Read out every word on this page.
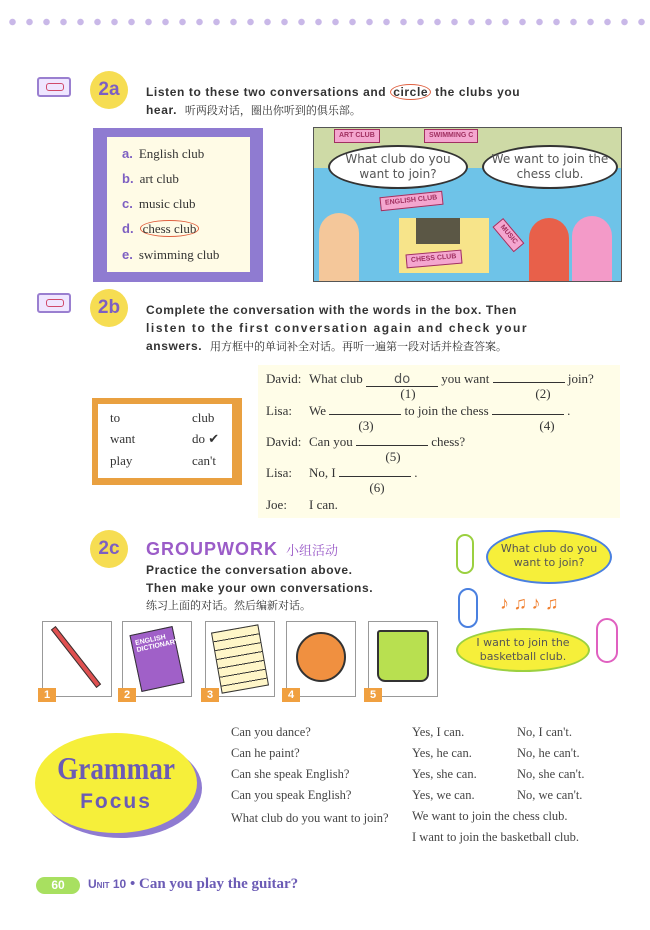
2a	Listen to these two conversations and circle the clubs you
hear. 听两段对话，圈出你听到的俱乐部。
a. English club
b. art club
c. music club
d. chess club
e. swimming club
ART CLUB	SWIMMING C
ENGLISH CLUB
CHESS CLUB
MUSIC
What club do you want to join?
We want to join the chess club.
2b	Complete the conversation with the words in the box. Then
listen to the first conversation again and check your
answers. 用方框中的单词补全对话。再听一遍第一段对话并检查答案。
to	club
want	do ✔
play	can't
David: What club do you want	join?
(1)	(2)
Lisa: We	to join the chess	.
(3)	(4)
David: Can you	chess?
(5)
Lisa: No, I	.
(6)
Joe: I can.
2c	GROUPWORK 小组活动
Practice the conversation above.
Then make your own conversations.
练习上面的对话。然后编新对话。	♪ ♫ ♪ ♫
What club do you want to join?
I want to join the basketball club.
ENGLISH DICTIONARY
1	2	3	4	5
Grammar
Focus
Can you dance?	Yes, I can.	No, I can't.
Can he paint?	Yes, he can.	No, he can't.
Can she speak English?	Yes, she can.	No, she can't.
Can you speak English?	Yes, we can.	No, we can't.
What club do you want to join? We want to join the chess club.
I want to join the basketball club.
60	Unit 10 • Can you play the guitar?
